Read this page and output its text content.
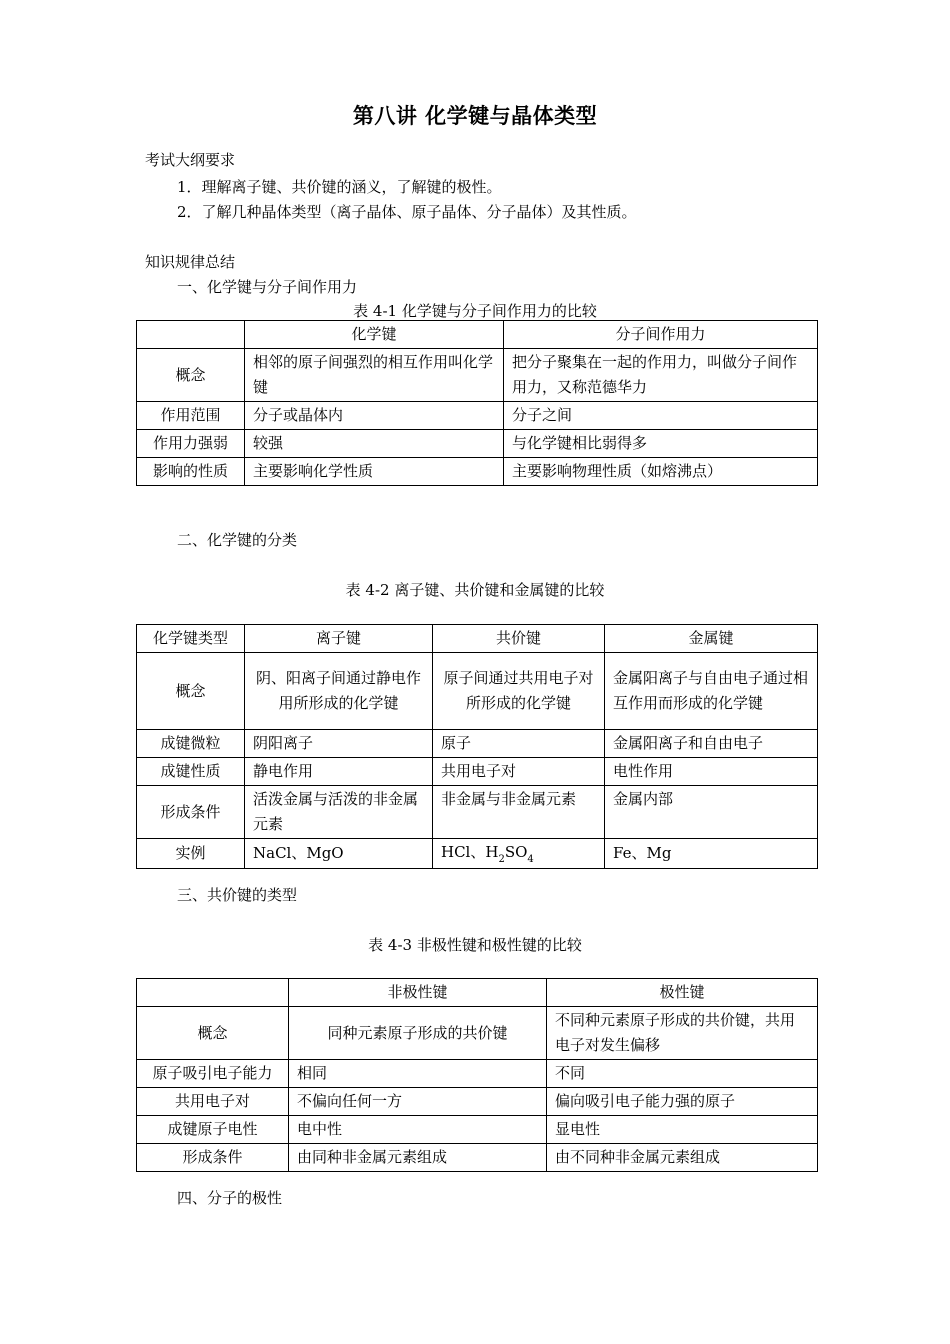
第八讲 化学键与晶体类型
考试大纲要求
1．理解离子键、共价键的涵义，了解键的极性。
2．了解几种晶体类型（离子晶体、原子晶体、分子晶体）及其性质。
知识规律总结
一、化学键与分子间作用力
表 4-1 化学键与分子间作用力的比较
	化学键	分子间作用力
概念	相邻的原子间强烈的相互作用叫化学键	把分子聚集在一起的作用力，叫做分子间作用力，又称范德华力
作用范围	分子或晶体内	分子之间
作用力强弱	较强	与化学键相比弱得多
影响的性质	主要影响化学性质	主要影响物理性质（如熔沸点）
二、化学键的分类
表 4-2 离子键、共价键和金属键的比较
化学键类型	离子键	共价键	金属键
概念	阴、阳离子间通过静电作用所形成的化学键	原子间通过共用电子对所形成的化学键	金属阳离子与自由电子通过相互作用而形成的化学键
成键微粒	阴阳离子	原子	金属阳离子和自由电子
成键性质	静电作用	共用电子对	电性作用
形成条件	活泼金属与活泼的非金属元素	非金属与非金属元素	金属内部
实例	NaCl、MgO	HCl、$H_2SO_4$	Fe、Mg
三、共价键的类型
表 4-3 非极性键和极性键的比较
	非极性键	极性键
概念	同种元素原子形成的共价键	不同种元素原子形成的共价键，共用电子对发生偏移
原子吸引电子能力	相同	不同
共用电子对	不偏向任何一方	偏向吸引电子能力强的原子
成键原子电性	电中性	显电性
形成条件	由同种非金属元素组成	由不同种非金属元素组成
四、分子的极性
